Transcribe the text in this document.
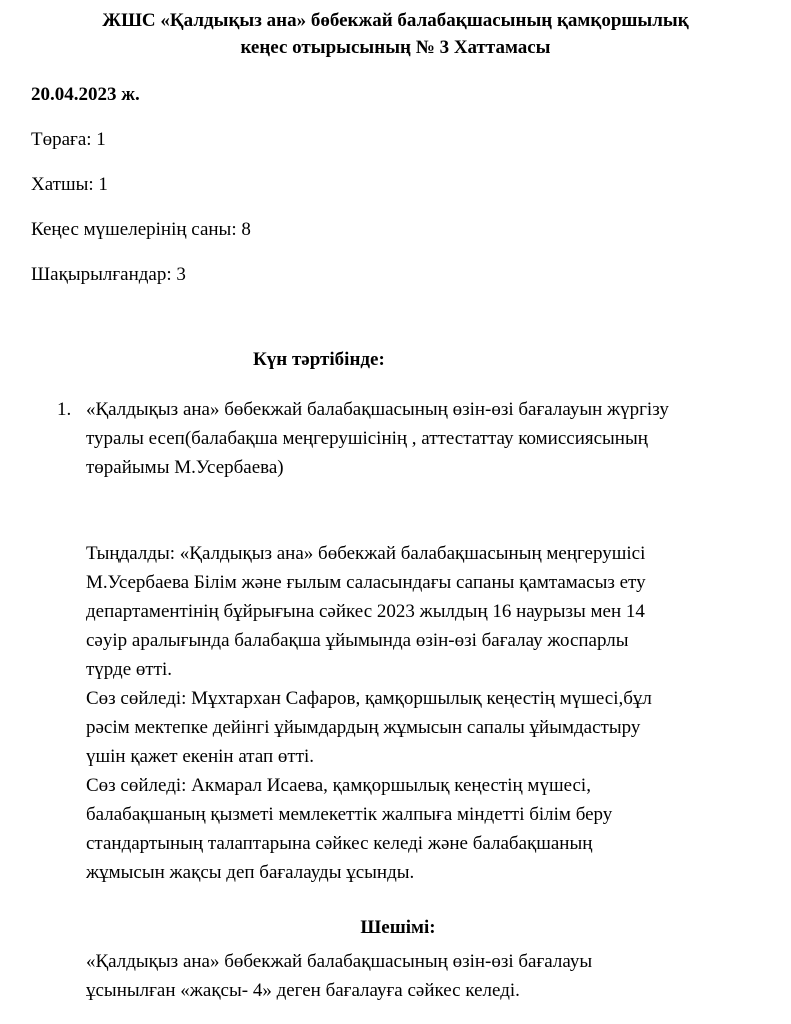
ЖШС «Қалдықыз ана» бөбекжай балабақшасының қамқоршылық
кеңес отырысының № 3 Хаттамасы

20.04.2023 ж.

Төраға: 1

Хатшы: 1

Кеңес мүшелерінің саны: 8

Шақырылғандар: 3

Күн тәртібінде:
1. «Қалдықыз ана» бөбекжай балабақшасының өзін-өзі бағалауын жүргізу
туралы есеп(балабақша меңгерушісінің , аттестаттау комиссиясының
төрайымы М.Усербаева)

Тыңдалды: «Қалдықыз ана» бөбекжай балабақшасының меңгерушісі

М.Усербаева Білім және ғылым саласындағы сапаны қамтамасыз ету

департаментінің бұйрығына сәйкес 2023 жылдың 16 наурызы мен 14

сәуір аралығында балабақша ұйымында өзін-өзі бағалау жоспарлы

түрде өтті.

Сөз сөйледі: Мұхтархан Сафаров, қамқоршылық кеңестің мүшесі,бұл

рәсім мектепке дейінгі ұйымдардың жұмысын сапалы ұйымдастыру

үшін қажет екенін атап өтті.

Сөз сөйледі: Акмарал Исаева, қамқоршылық кеңестің мүшесі,

балабақшаның қызметі мемлекеттік жалпыға міндетті білім беру

стандартының талаптарына сәйкес келеді және балабақшаның

жұмысын жақсы деп бағалауды ұсынды.

Шешімі:

«Қалдықыз ана» бөбекжай балабақшасының өзін-өзі бағалауы

ұсынылған «жақсы- 4» деген бағалауға сәйкес келеді.
